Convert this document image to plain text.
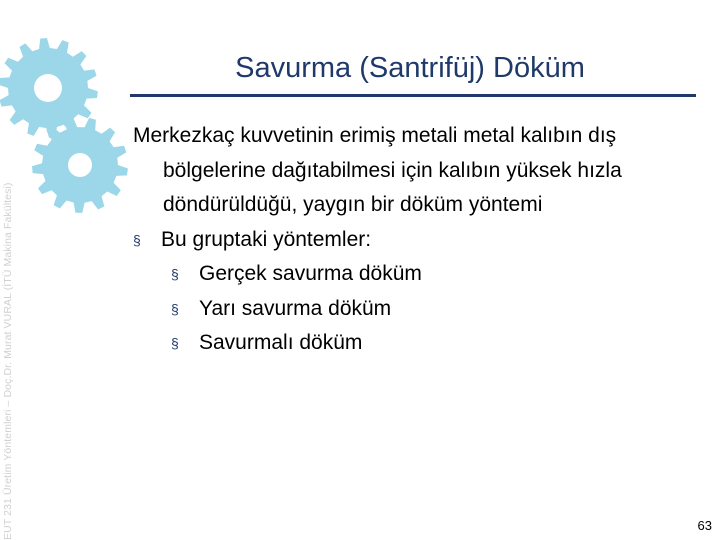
EUT 231 Üretim Yöntemleri – Doç.Dr. Murat VURAL (İTÜ Makina Fakültesi)
Savurma (Santrifüj) Döküm
Merkezkaç kuvvetinin erimiş metali metal kalıbın dış bölgelerine dağıtabilmesi için kalıbın yüksek hızla döndürüldüğü, yaygın bir döküm yöntemi
§ Bu gruptaki yöntemler:
§ Gerçek savurma döküm
§ Yarı savurma döküm
§ Savurmalı döküm
63
